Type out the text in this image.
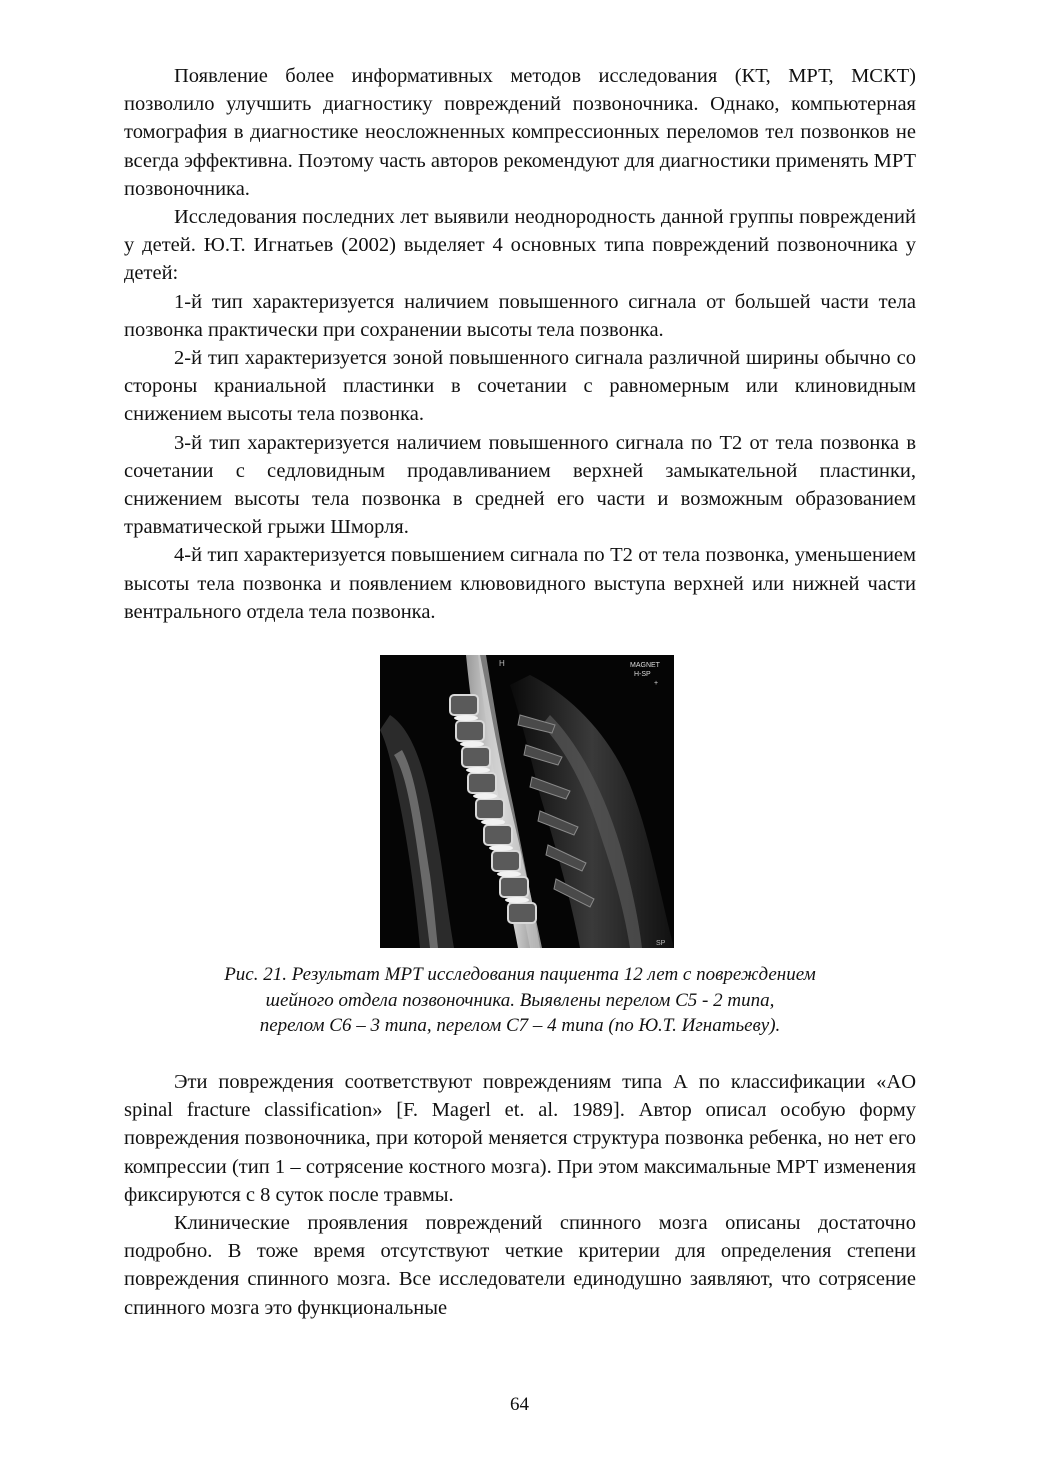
Появление более информативных методов исследования (КТ, МРТ, МСКТ) позволило улучшить диагностику повреждений позвоночника. Однако, компьютерная томография в диагностике неосложненных компрессионных переломов тел позвонков не всегда эффективна. Поэтому часть авторов рекомендуют для диагностики применять МРТ позвоночника.

Исследования последних лет выявили неоднородность данной группы повреждений у детей. Ю.Т. Игнатьев (2002) выделяет 4 основных типа повреждений позвоночника у детей:

1-й тип характеризуется наличием повышенного сигнала от большей части тела позвонка практически при сохранении высоты тела позвонка.

2-й тип характеризуется зоной повышенного сигнала различной ширины обычно со стороны краниальной пластинки в сочетании с равномерным или клиновидным снижением высоты тела позвонка.

3-й тип характеризуется наличием повышенного сигнала по Т2 от тела позвонка в сочетании с седловидным продавливанием верхней замыкательной пластинки, снижением высоты тела позвонка в средней его части и возможным образованием травматической грыжи Шморля.

4-й тип характеризуется повышением сигнала по Т2 от тела позвонка, уменьшением высоты тела позвонка и появлением клювовидного выступа верхней или нижней части вентрального отдела тела позвонка.

H	MAGNET
H-SP
+
SP
Рис. 21. Результат МРТ исследования пациента 12 лет с повреждением
шейного отдела позвоночника. Выявлены перелом С5 - 2 типа,
перелом С6 – 3 типа, перелом С7 – 4 типа (по Ю.Т. Игнатьеву).

Эти повреждения соответствуют повреждениям типа А по классификации «AO spinal fracture classification» [F. Magerl et. al. 1989]. Автор описал особую форму повреждения позвоночника, при которой меняется структура позвонка ребенка, но нет его компрессии (тип 1 – сотрясение костного мозга). При этом максимальные МРТ изменения фиксируются с 8 суток после травмы.

Клинические проявления повреждений спинного мозга описаны достаточно подробно. В тоже время отсутствуют четкие критерии для определения степени повреждения спинного мозга. Все исследователи единодушно заявляют, что сотрясение спинного мозга это функциональные

64
